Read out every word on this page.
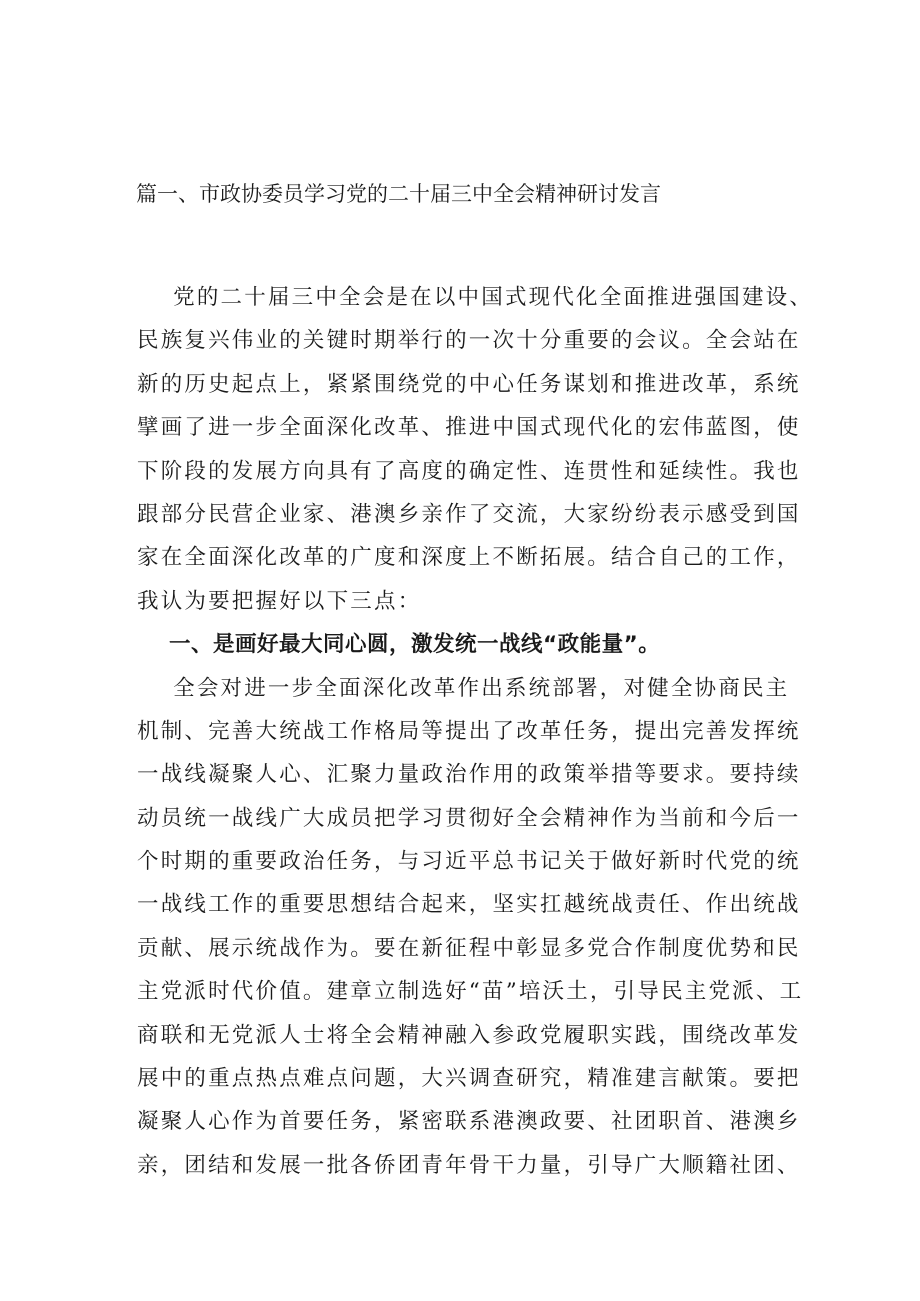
篇一、市政协委员学习党的二十届三中全会精神研讨发言
党的二十届三中全会是在以中国式现代化全面推进强国建设、
民族复兴伟业的关键时期举行的一次十分重要的会议。全会站在
新的历史起点上，紧紧围绕党的中心任务谋划和推进改革，系统
擘画了进一步全面深化改革、推进中国式现代化的宏伟蓝图，使
下阶段的发展方向具有了高度的确定性、连贯性和延续性。我也
跟部分民营企业家、港澳乡亲作了交流，大家纷纷表示感受到国
家在全面深化改革的广度和深度上不断拓展。结合自己的工作，
我认为要把握好以下三点：
一、是画好最大同心圆，激发统一战线“政能量”。
全会对进一步全面深化改革作出系统部署，对健全协商民主
机制、完善大统战工作格局等提出了改革任务，提出完善发挥统
一战线凝聚人心、汇聚力量政治作用的政策举措等要求。要持续
动员统一战线广大成员把学习贯彻好全会精神作为当前和今后一
个时期的重要政治任务，与习近平总书记关于做好新时代党的统
一战线工作的重要思想结合起来，坚实扛越统战责任、作出统战
贡献、展示统战作为。要在新征程中彰显多党合作制度优势和民
主党派时代价值。建章立制选好“苗”培沃土，引导民主党派、工
商联和无党派人士将全会精神融入参政党履职实践，围绕改革发
展中的重点热点难点问题，大兴调查研究，精准建言献策。要把
凝聚人心作为首要任务，紧密联系港澳政要、社团职首、港澳乡
亲，团结和发展一批各侨团青年骨干力量，引导广大顺籍社团、
